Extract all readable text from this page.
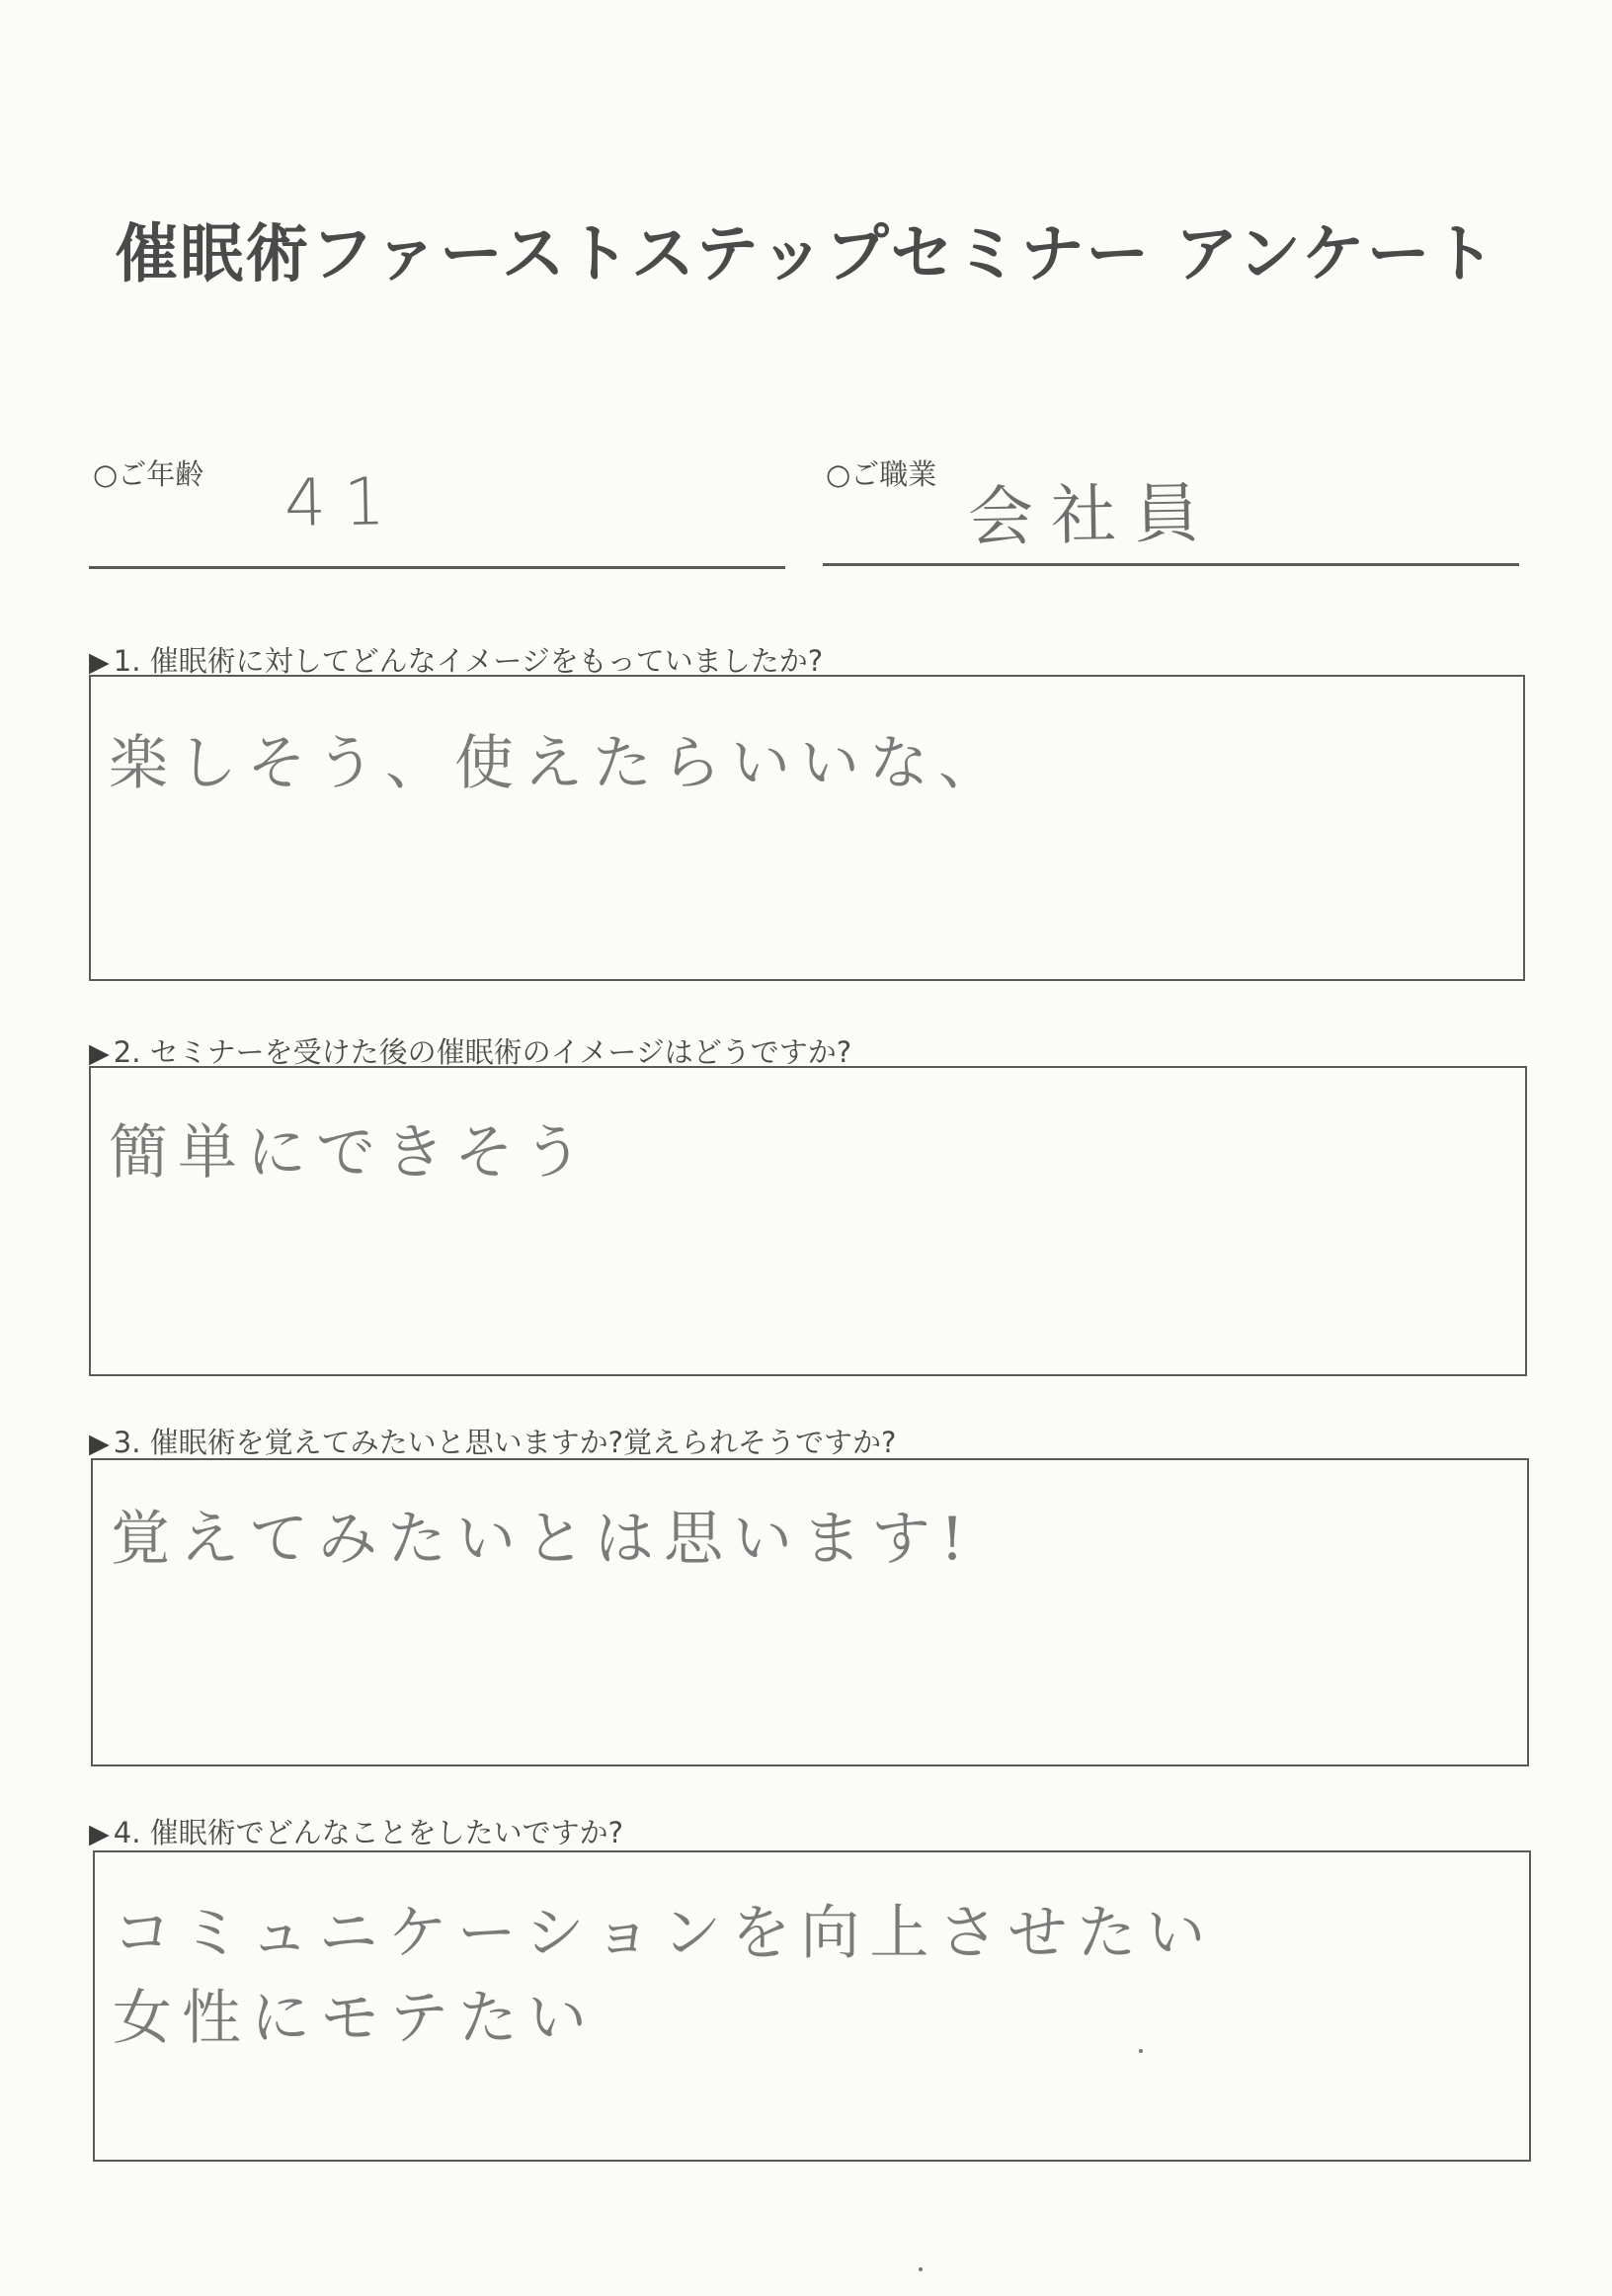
催眠術ファーストステップセミナー アンケート
○ご年齢 41	○ご職業
会社員
▶ 1. 催眠術に対してどんなイメージをもっていましたか?
楽しそう、使えたらいいな、
▶ 2. セミナーを受けた後の催眠術のイメージはどうですか?
簡単にできそう
▶ 3. 催眠術を覚えてみたいと思いますか?覚えられそうですか?
覚えてみたいとは思います!
▶ 4. 催眠術でどんなことをしたいですか?
コミュニケーションを向上させたい
女性にモテたい
